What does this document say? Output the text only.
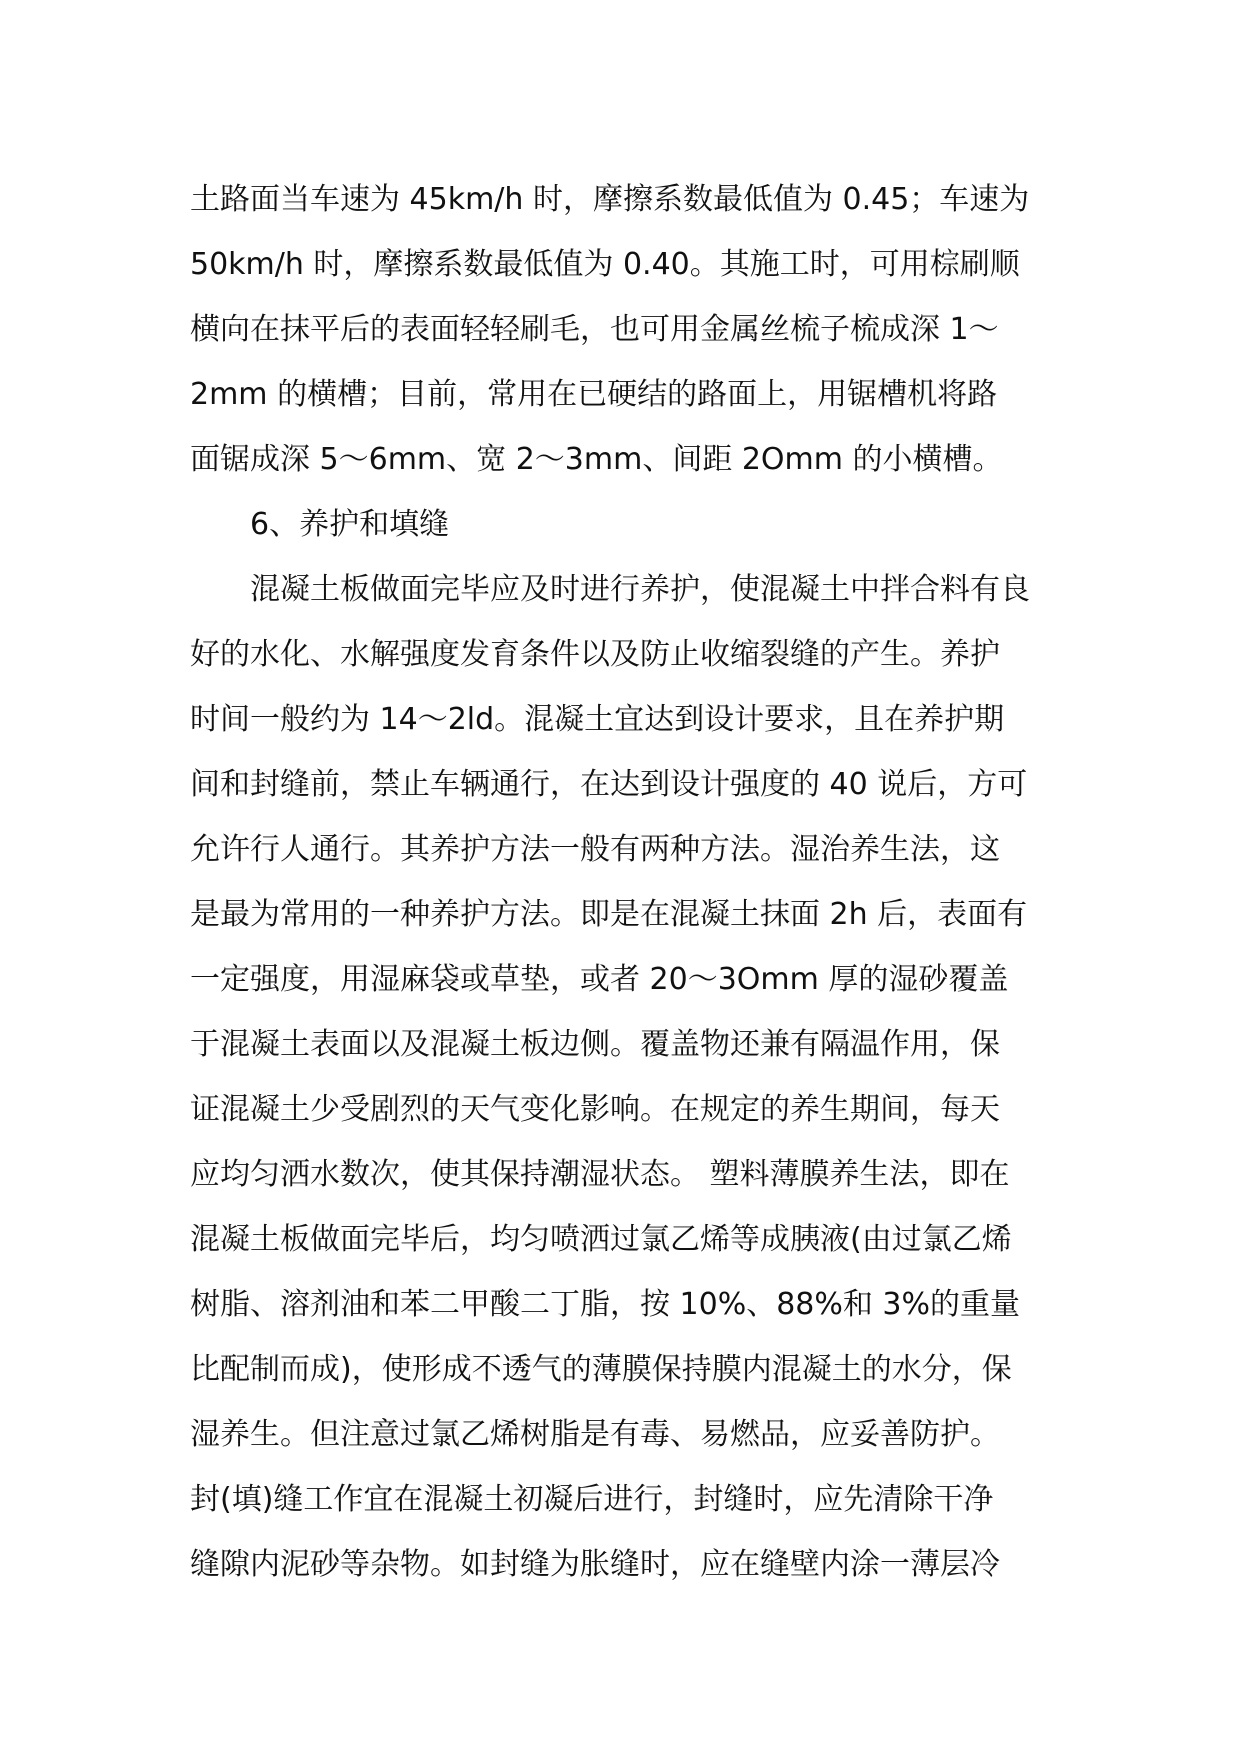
土路面当车速为 45km/h 时，摩擦系数最低值为 0.45；车速为
50km/h 时，摩擦系数最低值为 0.40。其施工时，可用棕刷顺
横向在抹平后的表面轻轻刷毛，也可用金属丝梳子梳成深 1～
2mm 的横槽；目前，常用在已硬结的路面上，用锯槽机将路
面锯成深 5～6mm、宽 2～3mm、间距 2Omm 的小横槽。
　　6、养护和填缝
　　混凝土板做面完毕应及时进行养护，使混凝土中拌合料有良
好的水化、水解强度发育条件以及防止收缩裂缝的产生。养护
时间一般约为 14～2ld。混凝土宜达到设计要求，且在养护期
间和封缝前，禁止车辆通行，在达到设计强度的 40 说后，方可
允许行人通行。其养护方法一般有两种方法。湿治养生法，这
是最为常用的一种养护方法。即是在混凝土抹面 2h 后，表面有
一定强度，用湿麻袋或草垫，或者 20～3Omm 厚的湿砂覆盖
于混凝土表面以及混凝土板边侧。覆盖物还兼有隔温作用，保
证混凝土少受剧烈的天气变化影响。在规定的养生期间，每天
应均匀洒水数次，使其保持潮湿状态。 塑料薄膜养生法，即在
混凝土板做面完毕后，均匀喷洒过氯乙烯等成胰液(由过氯乙烯
树脂、溶剂油和苯二甲酸二丁脂，按 10%、88%和 3%的重量
比配制而成)，使形成不透气的薄膜保持膜内混凝土的水分，保
湿养生。但注意过氯乙烯树脂是有毒、易燃品，应妥善防护。
封(填)缝工作宜在混凝土初凝后进行，封缝时，应先清除干净
缝隙内泥砂等杂物。如封缝为胀缝时，应在缝壁内涂一薄层冷
